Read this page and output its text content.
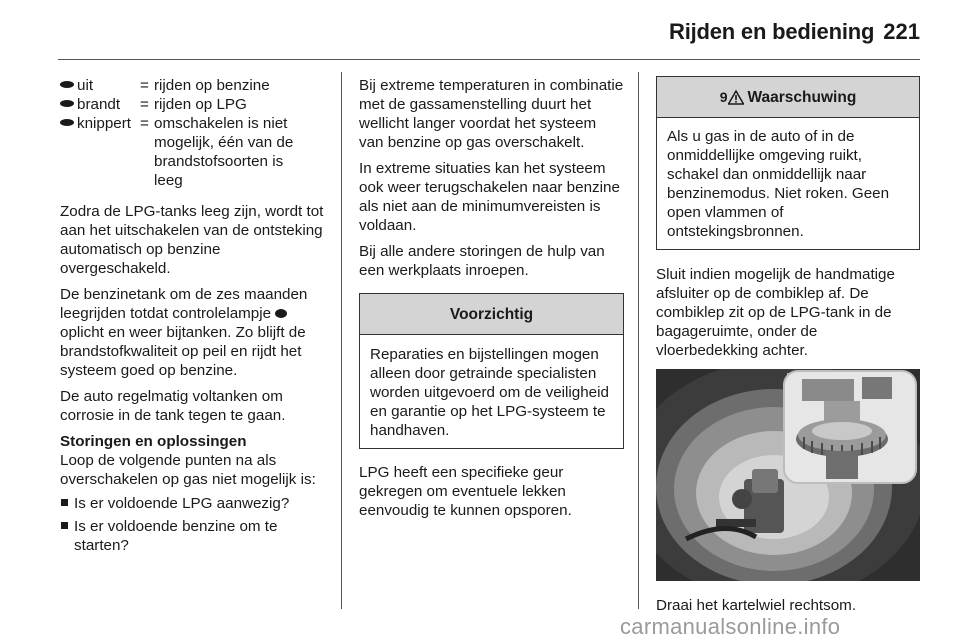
Rijden en bediening 221
uit	=	rijden op benzine
brandt	=	rijden op LPG
knippert	=	omschakelen is niet mogelijk, één van de brandstofsoorten is leeg

Zodra de LPG-tanks leeg zijn, wordt tot aan het uitschakelen van de ontsteking automatisch op benzine overgeschakeld.

De benzinetank om de zes maanden leegrijden totdat controlelampje  oplicht en weer bijtanken. Zo blijft de brandstofkwaliteit op peil en rijdt het systeem goed op benzine.

De auto regelmatig voltanken om corrosie in de tank tegen te gaan.

Storingen en oplossingen

Loop de volgende punten na als overschakelen op gas niet mogelijk is:

Is er voldoende LPG aanwezig?
Is er voldoende benzine om te starten?

Bij extreme temperaturen in combinatie met de gassamenstelling duurt het wellicht langer voordat het systeem van benzine op gas overschakelt.

In extreme situaties kan het systeem ook weer terugschakelen naar benzine als niet aan de minimumvereisten is voldaan.

Bij alle andere storingen de hulp van een werkplaats inroepen.

Voorzichtig
Reparaties en bijstellingen mogen alleen door getrainde specialisten worden uitgevoerd om de veiligheid en garantie op het LPG-systeem te handhaven.

LPG heeft een specifieke geur gekregen om eventuele lekken eenvoudig te kunnen opsporen.

9 Waarschuwing
Als u gas in de auto of in de onmiddellijke omgeving ruikt, schakel dan onmiddellijk naar benzinemodus. Niet roken. Geen open vlammen of ontstekingsbronnen.

Sluit indien mogelijk de handmatige afsluiter op de combiklep af. De combiklep zit op de LPG-tank in de bagageruimte, onder de vloerbedekking achter.

Draai het kartelwiel rechtsom.

carmanualsonline.info
